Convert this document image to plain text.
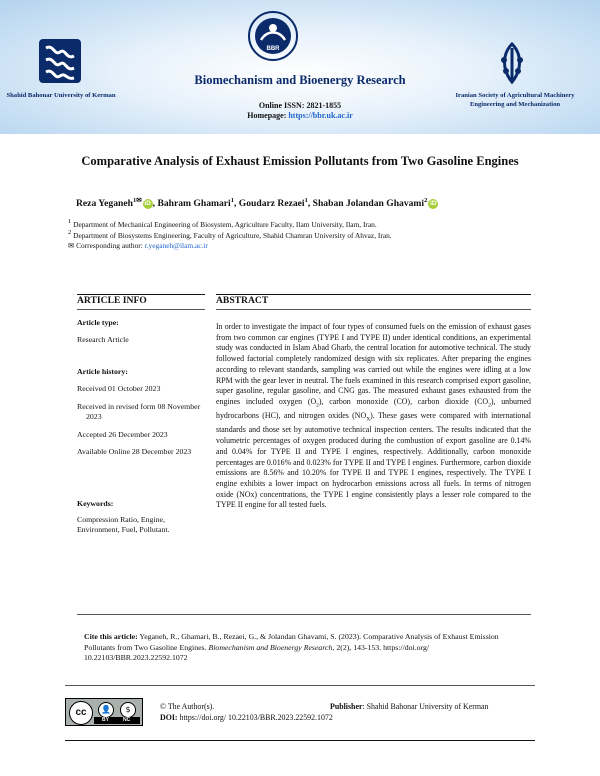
Shahid Bahonar University of Kerman
BBR
Biomechanism and Bioenergy Research
Online ISSN: 2821-1855
Homepage: https://bbr.uk.ac.ir
Iranian Society of Agricultural Machinery Engineering and Mechanization
Comparative Analysis of Exhaust Emission Pollutants from Two Gasoline Engines
Reza Yeganeh$^{1✉}$ iD , Bahram Ghamari$^1$, Goudarz Rezaei$^1$, Shaban Jolandan Ghavami$^2$ iD
1 Department of Mechanical Engineering of Biosystem, Agriculture Faculty, Ilam University, Ilam, Iran.
2 Department of Biosystems Engineering, Faculty of Agriculture, Shahid Chamran University of Ahvaz, Iran.
✉ Corresponding author: r.yeganeh@ilam.ac.ir
ARTICLE INFO	ABSTRACT
Article type:
Research Article
Article history:
Received 01 October 2023
Received in revised form 08 November 2023
Accepted 26 December 2023
Available Online 28 December 2023
Keywords:
Compression Ratio, Engine, Environment, Fuel, Pollutant.
In order to investigate the impact of four types of consumed fuels on the emission of exhaust gases from two common car engines (TYPE I and TYPE II) under identical conditions, an experimental study was conducted in Islam Abad Gharb, the central location for automotive technical. The study followed factorial completely randomized design with six replicates. After preparing the engines according to relevant standards, sampling was carried out while the engines were idling at a low RPM with the gear lever in neutral. The fuels examined in this research comprised export gasoline, super gasoline, regular gasoline, and CNG gas. The measured exhaust gases exhausted from the engines included oxygen $(O_2)$, carbon monoxide (CO), carbon dioxide $(CO_2)$, unburned hydrocarbons (HC), and nitrogen oxides $(NO_X)$. These gases were compared with international standards and those set by automotive technical inspection centers. The results indicated that the volumetric percentages of oxygen produced during the combustion of export gasoline are 0.14% and 0.04% for TYPE II and TYPE I engines, respectively. Additionally, carbon monoxide percentages are 0.016% and 0.023% for TYPE II and TYPE I engines. Furthermore, carbon dioxide emissions are 8.56% and 10.20% for TYPE II and TYPE I engines, respectively. The TYPE I engine exhibits a lower impact on hydrocarbon emissions across all fuels. In terms of nitrogen oxide (NOx) concentrations, the TYPE I engine consistently plays a lesser role compared to the TYPE II engine for all tested fuels.
Cite this article: Yeganeh, R., Ghamari, B., Rezaei, G., & Jolandan Ghavami, S. (2023). Comparative Analysis of Exhaust Emission Pollutants from Two Gasoline Engines. Biomechanism and Bioenergy Research, 2(2), 143-153. https://doi.org/ 10.22103/BBR.2023.22592.1072
cc	👤	$
BY	NC
© The Author(s).	Publisher: Shahid Bahonar University of Kerman
DOI: https://doi.org/ 10.22103/BBR.2023.22592.1072
